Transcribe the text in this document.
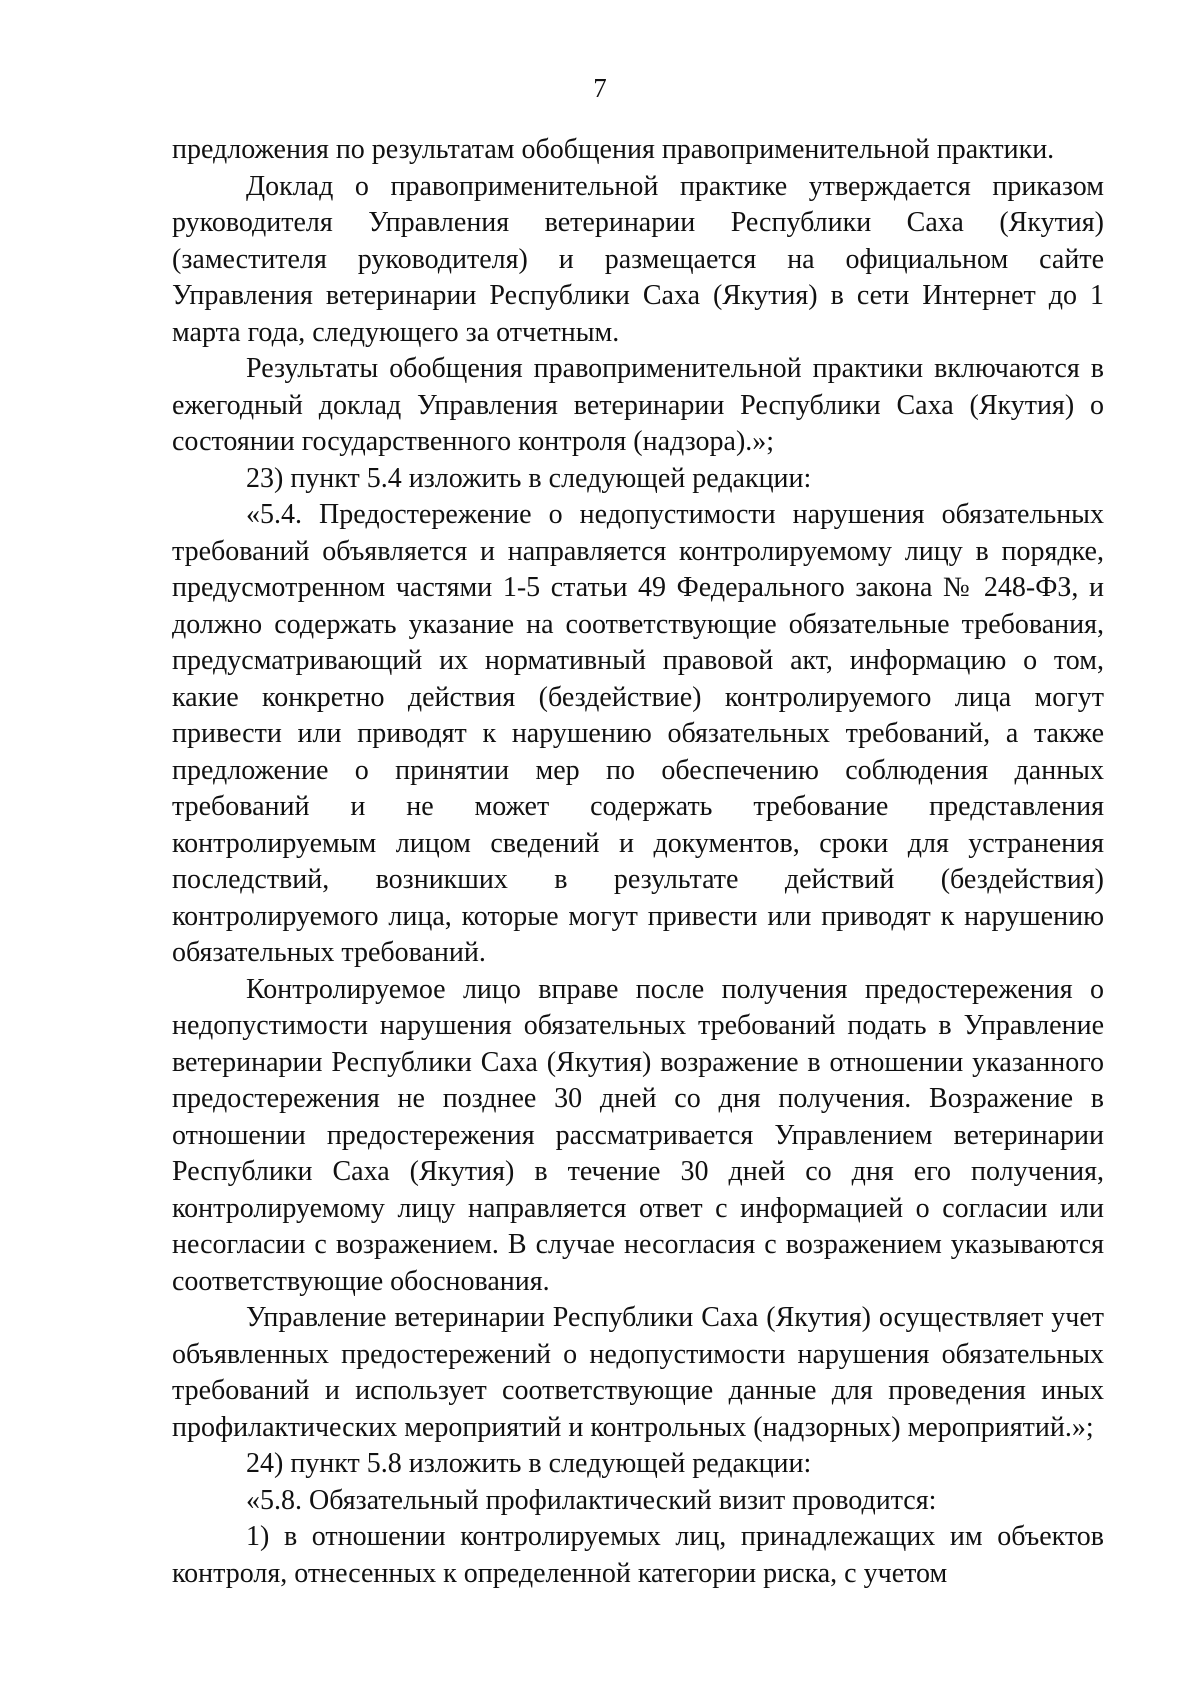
7

предложения по результатам обобщения правоприменительной практики.

Доклад о правоприменительной практике утверждается приказом руководителя Управления ветеринарии Республики Саха (Якутия) (заместителя руководителя) и размещается на официальном сайте Управления ветеринарии Республики Саха (Якутия) в сети Интернет до 1 марта года, следующего за отчетным.

Результаты обобщения правоприменительной практики включаются в ежегодный доклад Управления ветеринарии Республики Саха (Якутия) о состоянии государственного контроля (надзора).»;

23) пункт 5.4 изложить в следующей редакции:

«5.4. Предостережение о недопустимости нарушения обязательных требований объявляется и направляется контролируемому лицу в порядке, предусмотренном частями 1-5 статьи 49 Федерального закона № 248-ФЗ, и должно содержать указание на соответствующие обязательные требования, предусматривающий их нормативный правовой акт, информацию о том, какие конкретно действия (бездействие) контролируемого лица могут привести или приводят к нарушению обязательных требований, а также предложение о принятии мер по обеспечению соблюдения данных требований и не может содержать требование представления контролируемым лицом сведений и документов, сроки для устранения последствий, возникших в результате действий (бездействия) контролируемого лица, которые могут привести или приводят к нарушению обязательных требований.

Контролируемое лицо вправе после получения предостережения о недопустимости нарушения обязательных требований подать в Управление ветеринарии Республики Саха (Якутия) возражение в отношении указанного предостережения не позднее 30 дней со дня получения. Возражение в отношении предостережения рассматривается Управлением ветеринарии Республики Саха (Якутия) в течение 30 дней со дня его получения, контролируемому лицу направляется ответ с информацией о согласии или несогласии с возражением. В случае несогласия с возражением указываются соответствующие обоснования.

Управление ветеринарии Республики Саха (Якутия) осуществляет учет объявленных предостережений о недопустимости нарушения обязательных требований и использует соответствующие данные для проведения иных профилактических мероприятий и контрольных (надзорных) мероприятий.»;

24) пункт 5.8 изложить в следующей редакции:

«5.8. Обязательный профилактический визит проводится:

1) в отношении контролируемых лиц, принадлежащих им объектов контроля, отнесенных к определенной категории риска, с учетом
